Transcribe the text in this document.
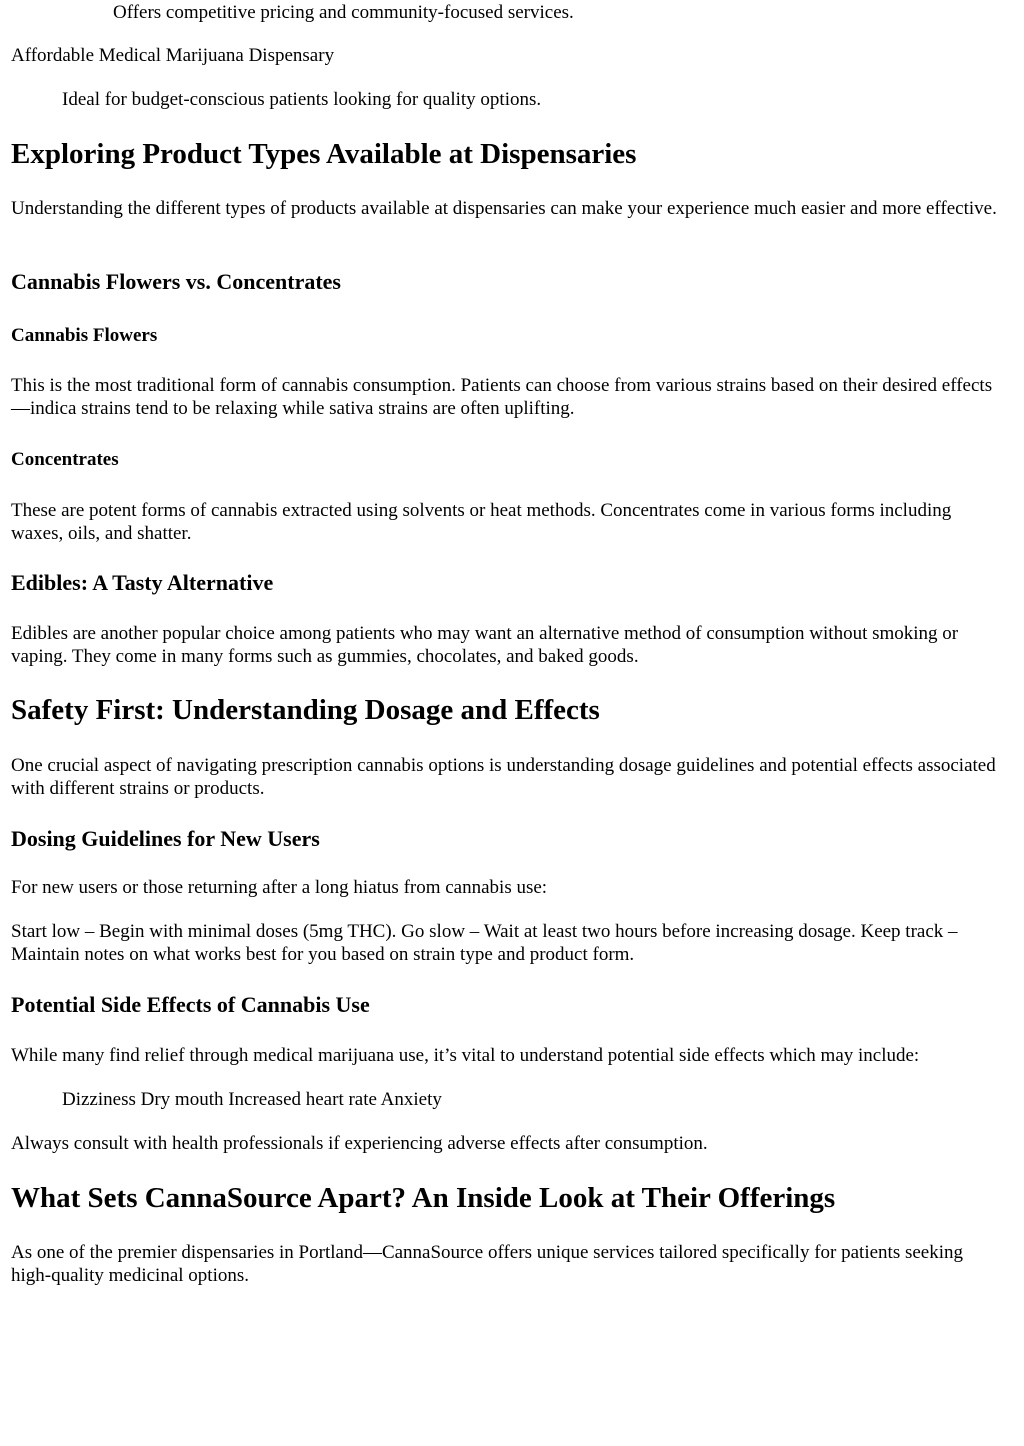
Offers competitive pricing and community-focused services.

Affordable Medical Marijuana Dispensary

Ideal for budget-conscious patients looking for quality options.

Exploring Product Types Available at Dispensaries

Understanding the different types of products available at dispensaries can make your experience much easier and more effective.

Cannabis Flowers vs. Concentrates
Cannabis Flowers

This is the most traditional form of cannabis consumption. Patients can choose from various strains based on their desired effects—indica strains tend to be relaxing while sativa strains are often uplifting.

Concentrates

These are potent forms of cannabis extracted using solvents or heat methods. Concentrates come in various forms including waxes, oils, and shatter.

Edibles: A Tasty Alternative

Edibles are another popular choice among patients who may want an alternative method of consumption without smoking or vaping. They come in many forms such as gummies, chocolates, and baked goods.

Safety First: Understanding Dosage and Effects

One crucial aspect of navigating prescription cannabis options is understanding dosage guidelines and potential effects associated with different strains or products.

Dosing Guidelines for New Users

For new users or those returning after a long hiatus from cannabis use:

Start low – Begin with minimal doses (5mg THC). Go slow – Wait at least two hours before increasing dosage. Keep track – Maintain notes on what works best for you based on strain type and product form.

Potential Side Effects of Cannabis Use

While many find relief through medical marijuana use, it’s vital to understand potential side effects which may include:

Dizziness Dry mouth Increased heart rate Anxiety

Always consult with health professionals if experiencing adverse effects after consumption.

What Sets CannaSource Apart? An Inside Look at Their Offerings

As one of the premier dispensaries in Portland—CannaSource offers unique services tailored specifically for patients seeking high-quality medicinal options.
